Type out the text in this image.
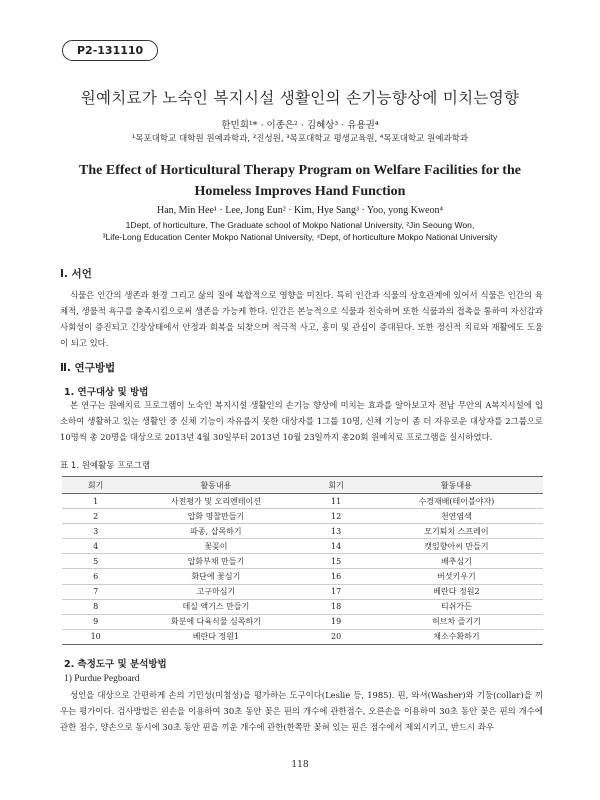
P2-131110
원예치료가 노숙인 복지시설 생활인의 손기능향상에 미치는영향
한민희¹* · 이종은² · 김혜상³ · 유용권⁴
¹목포대학교 대학원 원예과학과, ²진성원, ³목포대학교 평생교육원, ⁴목포대학교 원예과학과
The Effect of Horticultural Therapy Program on Welfare Facilities for the
Homeless Improves Hand Function
Han, Min Hee¹ · Lee, Jong Eun² · Kim, Hye Sang³ · Yoo, yong Kweon⁴
1Dept, of horticulture, The Graduate school of Mokpo National University, ²Jin Seoung Won,
³Life-Long Education Center Mokpo National University, ⁴Dept, of horticulture Mokpo National University
Ⅰ. 서언
식물은 인간의 생존과 환경 그리고 삶의 질에 복합적으로 영향을 미친다. 특히 인간과 식물의 상호관계에 있어서 식물은 인간의 육체적, 생물적 욕구를 충족시킴으로써 생존을 가능케 한다. 인간은 본능적으로 식물과 친숙하며 또한 식물과의 접촉을 통하여 자신감과 사회성이 증진되고 긴장상태에서 안정과 회복을 되찾으며 적극적 사고, 흥미 및 관심이 증대된다. 또한 정신적 치료와 재활에도 도움이 되고 있다.
Ⅱ. 연구방법
1. 연구대상 및 방법
본 연구는 원예치료 프로그램이 노숙인 복지시설 생활인의 손기능 향상에 미치는 효과를 알아보고자 전남 무안의 A복지시설에 입소하여 생활하고 있는 생활인 중 신체 기능이 자유롭지 못한 대상자를 1그룹 10명, 신체 기능이 좀 더 자유로운 대상자를 2그룹으로 10명씩 총 20명을 대상으로 2013년 4월 30일부터 2013년 10월 23일까지 총20회 원예치료 프로그램을 실시하였다.
표 1. 원예활동 프로그램
회기	활동내용	회기	활동내용
1	사전평가 및 오리엔테이션	11	수경재배(테이블야자)
2	압화 명찰만들기	12	천연염색
3	파종, 삽목하기	13	모기퇴치 스프레이
4	꽃꽂이	14	캣잎향아씨 만들기
5	압화부채 만들기	15	배추심기
6	화단에 꽃심기	16	버섯키우기
7	고구마심기	17	베란다 정원2
8	데실 액기스 만들기	18	티쉬가든
9	화분에 다육식물 심목하기	19	허브차 즐기기
10	베란다 정원1	20	채소수확하기
2. 측정도구 및 분석방법
1) Purdue Pegboard
성인을 대상으로 간편하게 손의 기민성(미첨성)을 평가하는 도구이다(Leslie 등, 1985). 핀, 와셔(Washer)와 기둥(collar)을 끼우는 평가이다. 검사방법은 왼손을 이용하여 30초 동안 꽂은 핀의 개수에 관한점수, 오른손을 이용하여 30초 동안 꽂은 핀의 개수에 관한 점수, 양손으로 동시에 30초 동안 핀을 끼운 개수에 관한(한쪽만 꽂혀 있는 핀은 점수에서 제외시키고, 반드시 좌우
118
